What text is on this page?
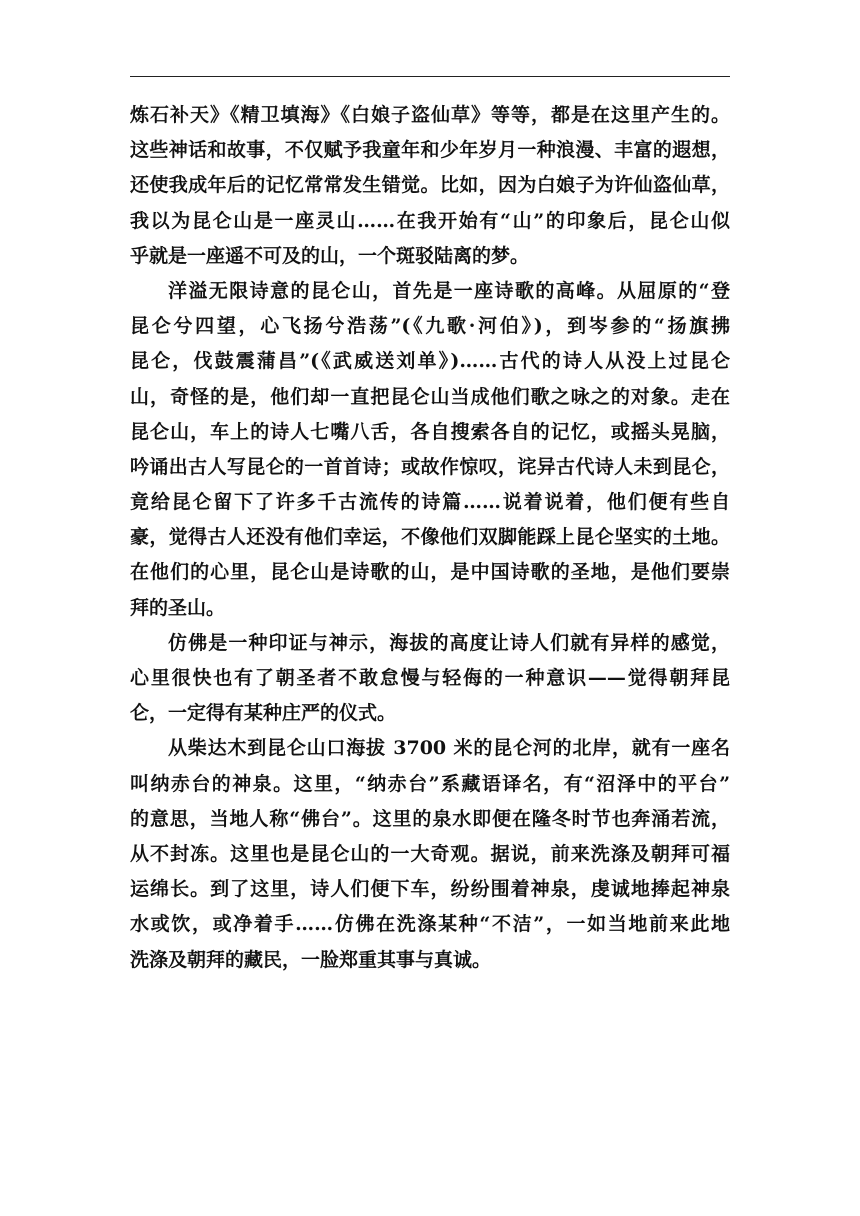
炼石补天》《精卫填海》《白娘子盗仙草》等等，都是在这里产生的。
这些神话和故事，不仅赋予我童年和少年岁月一种浪漫、丰富的遐想，
还使我成年后的记忆常常发生错觉。比如，因为白娘子为许仙盗仙草，
我以为昆仑山是一座灵山……在我开始有“山”的印象后，昆仑山似
乎就是一座遥不可及的山，一个斑驳陆离的梦。
洋溢无限诗意的昆仑山，首先是一座诗歌的高峰。从屈原的“登
昆仑兮四望，心飞扬兮浩荡”(《九歌·河伯》)，到岑参的“扬旗拂
昆仑，伐鼓震蒲昌”(《武威送刘单》)……古代的诗人从没上过昆仑
山，奇怪的是，他们却一直把昆仑山当成他们歌之咏之的对象。走在
昆仑山，车上的诗人七嘴八舌，各自搜索各自的记忆，或摇头晃脑，
吟诵出古人写昆仑的一首首诗；或故作惊叹，诧异古代诗人未到昆仑，
竟给昆仑留下了许多千古流传的诗篇……说着说着，他们便有些自
豪，觉得古人还没有他们幸运，不像他们双脚能踩上昆仑坚实的土地。
在他们的心里，昆仑山是诗歌的山，是中国诗歌的圣地，是他们要崇
拜的圣山。
仿佛是一种印证与神示，海拔的高度让诗人们就有异样的感觉，
心里很快也有了朝圣者不敢怠慢与轻侮的一种意识——觉得朝拜昆
仑，一定得有某种庄严的仪式。
从柴达木到昆仑山口海拔 3700 米的昆仑河的北岸，就有一座名
叫纳赤台的神泉。这里，“纳赤台”系藏语译名，有“沼泽中的平台”
的意思，当地人称“佛台”。这里的泉水即便在隆冬时节也奔涌若流，
从不封冻。这里也是昆仑山的一大奇观。据说，前来洗涤及朝拜可福
运绵长。到了这里，诗人们便下车，纷纷围着神泉，虔诚地捧起神泉
水或饮，或净着手……仿佛在洗涤某种“不洁”，一如当地前来此地
洗涤及朝拜的藏民，一脸郑重其事与真诚。
